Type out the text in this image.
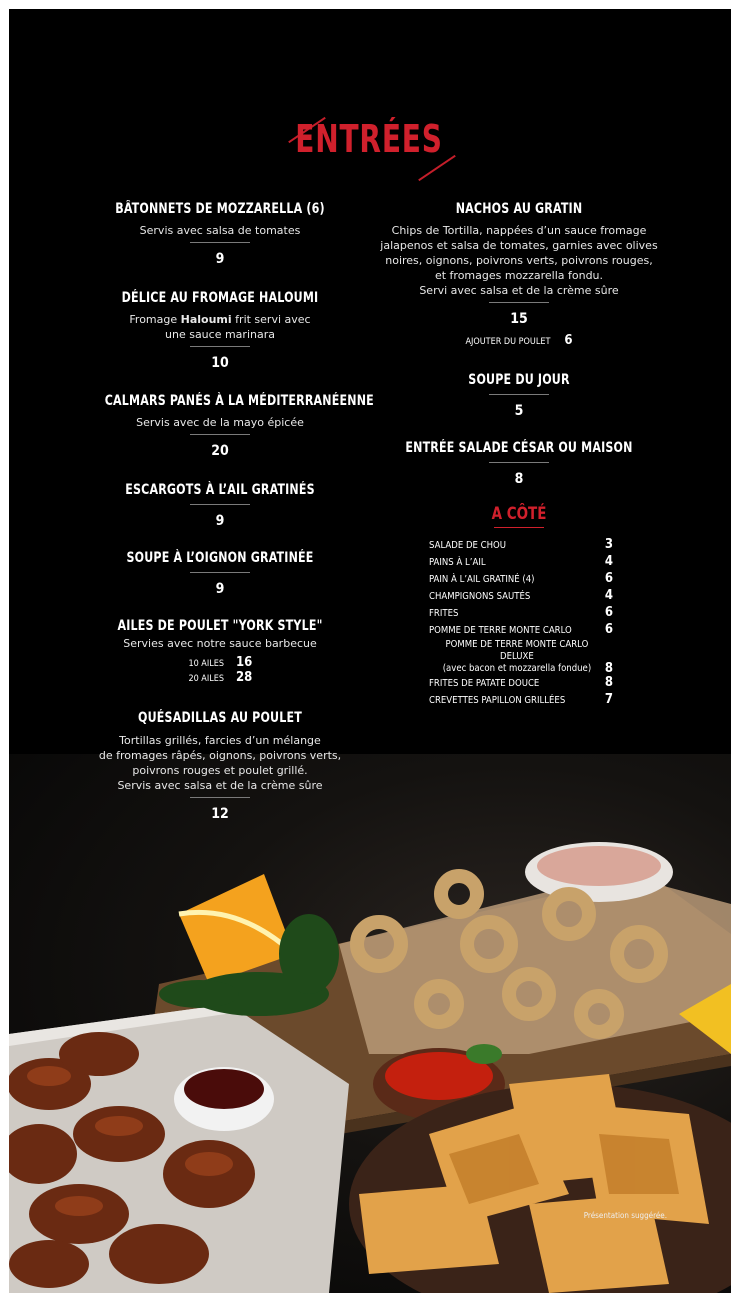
ENTRÉES
BÂTONNETS DE MOZZARELLA (6)
Servis avec salsa de tomates
9
DÉLICE AU FROMAGE HALOUMI
Fromage Haloumi frit servi avec
une sauce marinara
10
CALMARS PANÉS À LA MÉDITERRANÉENNE
Servis avec de la mayo épicée
20
ESCARGOTS À L’AIL GRATINÉS
9
SOUPE À L’OIGNON GRATINÉE
9
AILES DE POULET "YORK STYLE"
Servies avec notre sauce barbecue
10 AILES 16
20 AILES 28
QUÉSADILLAS AU POULET
Tortillas grillés, farcies d’un mélange
de fromages râpés, oignons, poivrons verts,
poivrons rouges et poulet grillé.
Servis avec salsa et de la crème sûre
12
NACHOS AU GRATIN
Chips de Tortilla, nappées d’un sauce fromage
jalapenos et salsa de tomates, garnies avec olives
noires, oignons, poivrons verts, poivrons rouges,
et fromages mozzarella fondu.
Servi avec salsa et de la crème sûre
15
AJOUTER DU POULET 6
SOUPE DU JOUR
5
ENTRÉE SALADE CÉSAR OU MAISON
8
A CÔTÉ
SALADE DE CHOU	3
PAINS À L’AIL	4
PAIN À L’AIL GRATINÉ (4)	6
CHAMPIGNONS SAUTÉS	4
FRITES	6
POMME DE TERRE MONTE CARLO	6
POMME DE TERRE MONTE CARLO DELUXE
(avec bacon et mozzarella fondue)	8
FRITES DE PATATE DOUCE	8
CREVETTES PAPILLON GRILLÉES	7
Présentation suggérée.
